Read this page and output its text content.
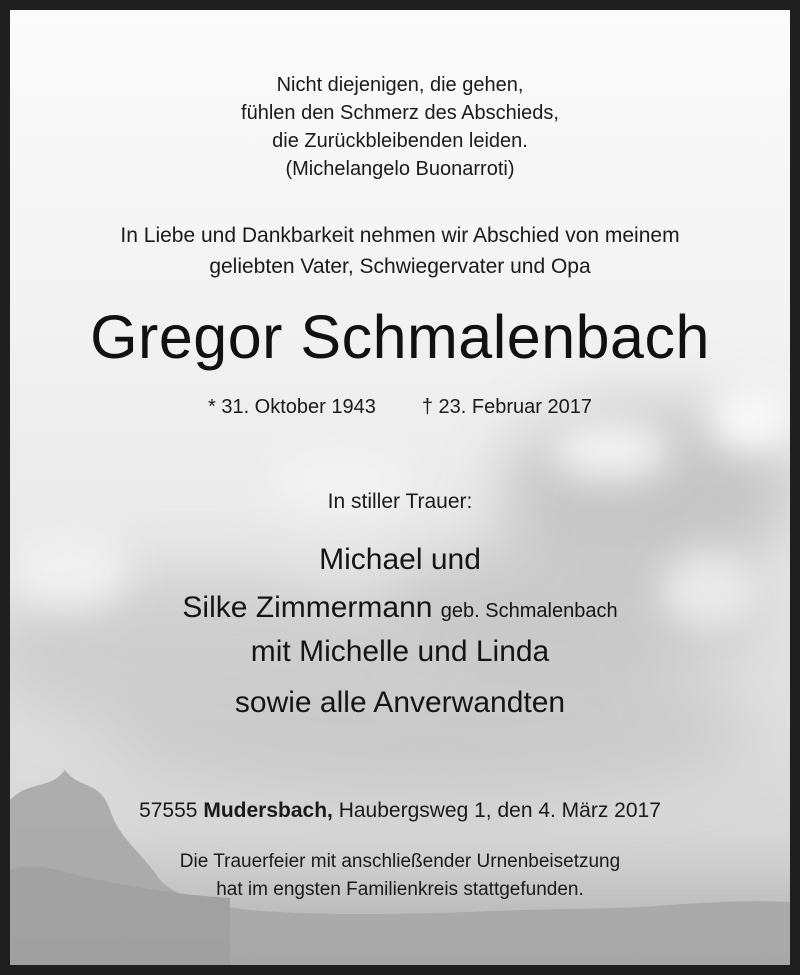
Nicht diejenigen, die gehen,
fühlen den Schmerz des Abschieds,
die Zurückbleibenden leiden.
(Michelangelo Buonarroti)
In Liebe und Dankbarkeit nehmen wir Abschied von meinem
geliebten Vater, Schwiegervater und Opa
Gregor Schmalenbach
* 31. Oktober 1943 † 23. Februar 2017
In stiller Trauer:
Michael und
Silke Zimmermann geb. Schmalenbach
mit Michelle und Linda
sowie alle Anverwandten
57555 Mudersbach, Haubergsweg 1, den 4. März 2017
Die Trauerfeier mit anschließender Urnenbeisetzung
hat im engsten Familienkreis stattgefunden.
